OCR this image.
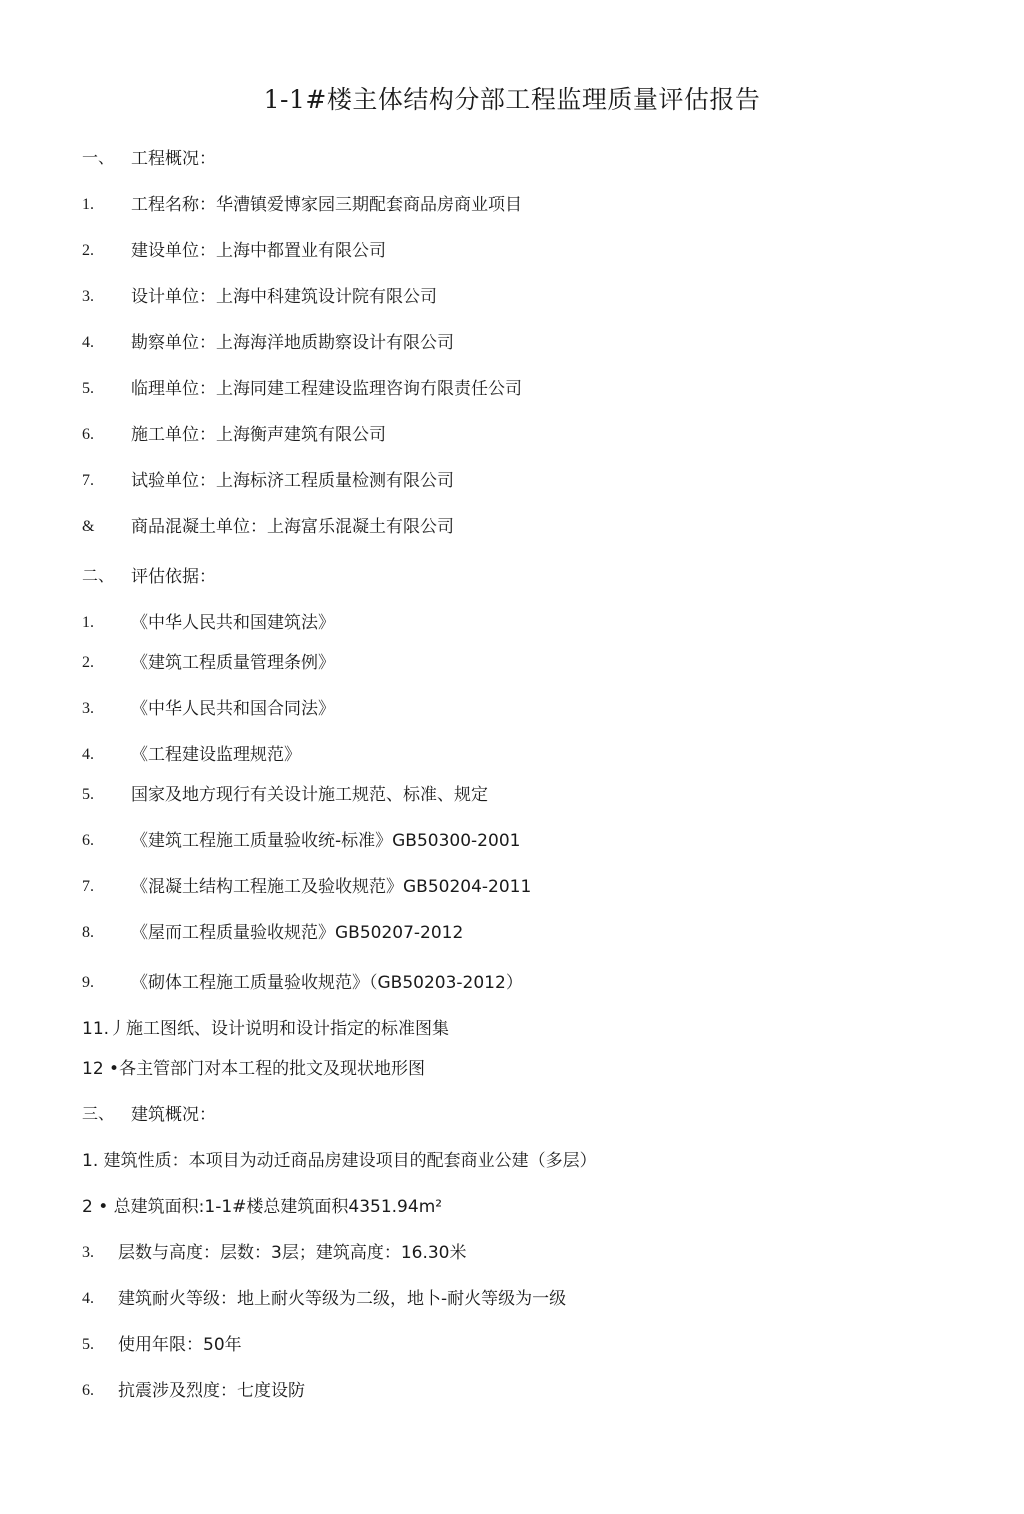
1-1#楼主体结构分部工程监理质量评估报告
一、 工程概况：
1. 工程名称：华漕镇爱博家园三期配套商品房商业项目
2. 建设单位：上海中都置业有限公司
3. 设计单位：上海中科建筑设计院有限公司
4. 勘察单位：上海海洋地质勘察设计有限公司
5. 临理单位：上海同建工程建设监理咨询冇限责任公司
6. 施工单位：上海衡声建筑有限公司
7. 试验单位：上海标济工程质量检测有限公司
& 商品混凝土单位：上海富乐混凝土有限公司
二、 评估依据：
1. 《中华人民共和国建筑法》
2. 《建筑工程质量管理条例》
3. 《中华人民共和国合同法》
4. 《工程建设监理规范》
5. 国家及地方现行有关设计施工规范、标准、规定
6. 《建筑工程施工质量验收统-标准》GB50300-2001
7. 《混凝土结构工程施工及验收规范》GB50204-2011
8. 《屋而工程质量验收规范》GB50207-2012
9. 《砌体工程施工质量验收规范》（GB50203-2012）
11.丿施工图纸、设计说明和设计指定的标准图集
12 •各主管部门对本工程的批文及现状地形图
三、 建筑概况：
1. 建筑性质：本项目为动迁商品房建设项目的配套商业公建（多层）
2 • 总建筑面积:1-1#楼总建筑面积4351.94m²
3. 层数与高度：层数：3层；建筑高度：16.30米
4. 建筑耐火等级：地上耐火等级为二级，地卜-耐火等级为一级
5. 使用年限：50年
6. 抗震涉及烈度：七度设防
